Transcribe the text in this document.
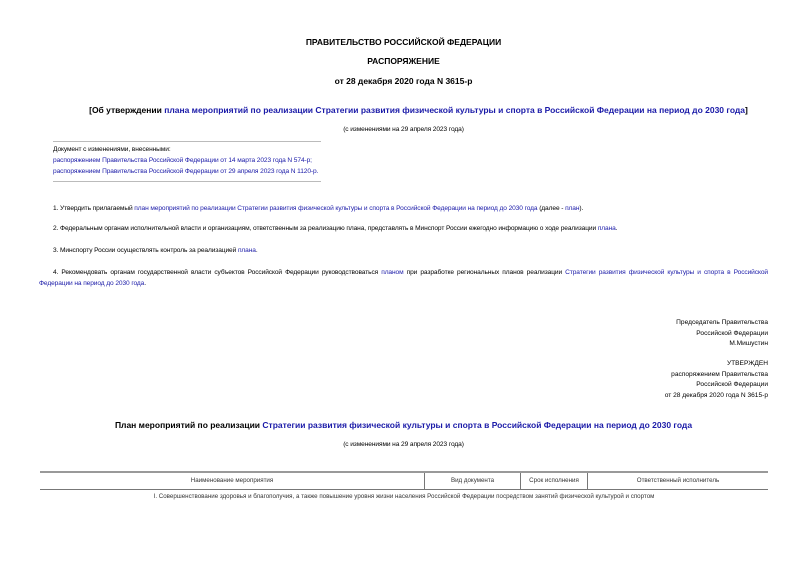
ПРАВИТЕЛЬСТВО РОССИЙСКОЙ ФЕДЕРАЦИИ
РАСПОРЯЖЕНИЕ
от 28 декабря 2020 года N 3615-р
[Об утверждении плана мероприятий по реализации Стратегии развития физической культуры и спорта в Российской Федерации на период до 2030 года]
(с изменениями на 29 апреля 2023 года)
Документ с изменениями, внесенными:
распоряжением Правительства Российской Федерации от 14 марта 2023 года N 574-р;
распоряжением Правительства Российской Федерации от 29 апреля 2023 года N 1120-р.
1. Утвердить прилагаемый план мероприятий по реализации Стратегии развития физической культуры и спорта в Российской Федерации на период до 2030 года (далее - план).
2. Федеральным органам исполнительной власти и организациям, ответственным за реализацию плана, представлять в Минспорт России ежегодно информацию о ходе реализации плана.
3. Минспорту России осуществлять контроль за реализацией плана.
4. Рекомендовать органам государственной власти субъектов Российской Федерации руководствоваться планом при разработке региональных планов реализации Стратегии развития физической культуры и спорта в Российской Федерации на период до 2030 года.
Председатель Правительства
Российской Федерации
М.Мишустин
УТВЕРЖДЕН
распоряжением Правительства
Российской Федерации
от 28 декабря 2020 года N 3615-р
План мероприятий по реализации Стратегии развития физической культуры и спорта в Российской Федерации на период до 2030 года
(с изменениями на 29 апреля 2023 года)
Наименование мероприятия	Вид документа	Срок исполнения	Ответственный исполнитель
I. Совершенствование здоровья и благополучия, а также повышение уровня жизни населения Российской Федерации посредством занятий физической культурой и спортом
